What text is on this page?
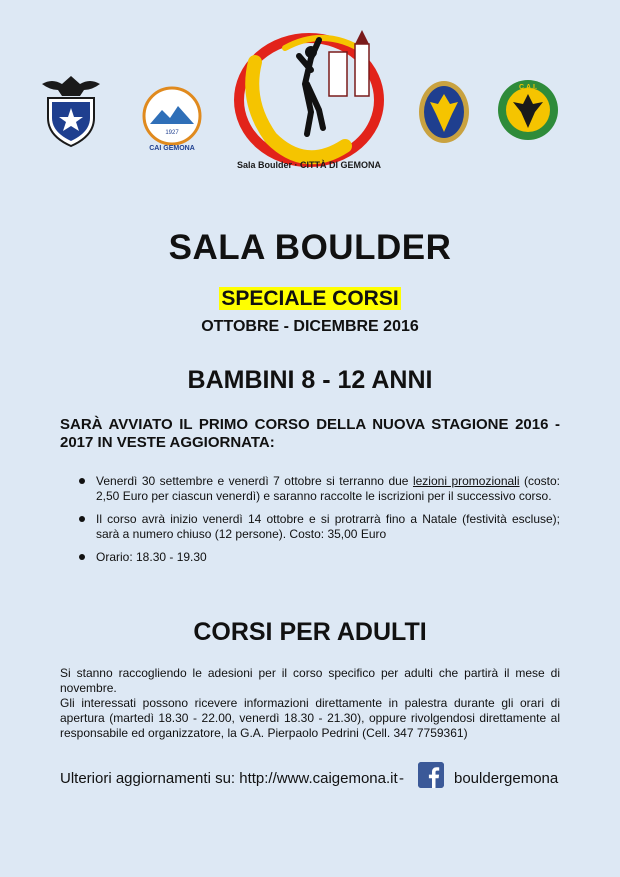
1927
CAI GEMONA
Sala Boulder · CITTÀ DI GEMONA
C.A.I.
SALA BOULDER
SPECIALE CORSI
OTTOBRE - DICEMBRE 2016
BAMBINI 8 - 12 ANNI
SARÀ AVVIATO IL PRIMO CORSO DELLA NUOVA STAGIONE 2016 - 2017 IN VESTE AGGIORNATA:
Venerdì 30 settembre e venerdì 7 ottobre si terranno due lezioni promozionali (costo: 2,50 Euro per ciascun venerdì) e saranno raccolte le iscrizioni per il successivo corso.
Il corso avrà inizio venerdì 14 ottobre e si protrarrà fino a Natale (festività escluse); sarà a numero chiuso (12 persone). Costo: 35,00 Euro
Orario: 18.30 - 19.30
CORSI PER ADULTI

Si stanno raccogliendo le adesioni per il corso specifico per adulti che partirà il mese di novembre.

Gli interessati possono ricevere informazioni direttamente in palestra durante gli orari di apertura (martedì 18.30 - 22.00, venerdì 18.30 - 21.30), oppure rivolgendosi direttamente al responsabile ed organizzatore, la G.A. Pierpaolo Pedrini (Cell. 347 7759361)

Ulteriori aggiornamenti su: http://www.caigemona.it -	bouldergemona
